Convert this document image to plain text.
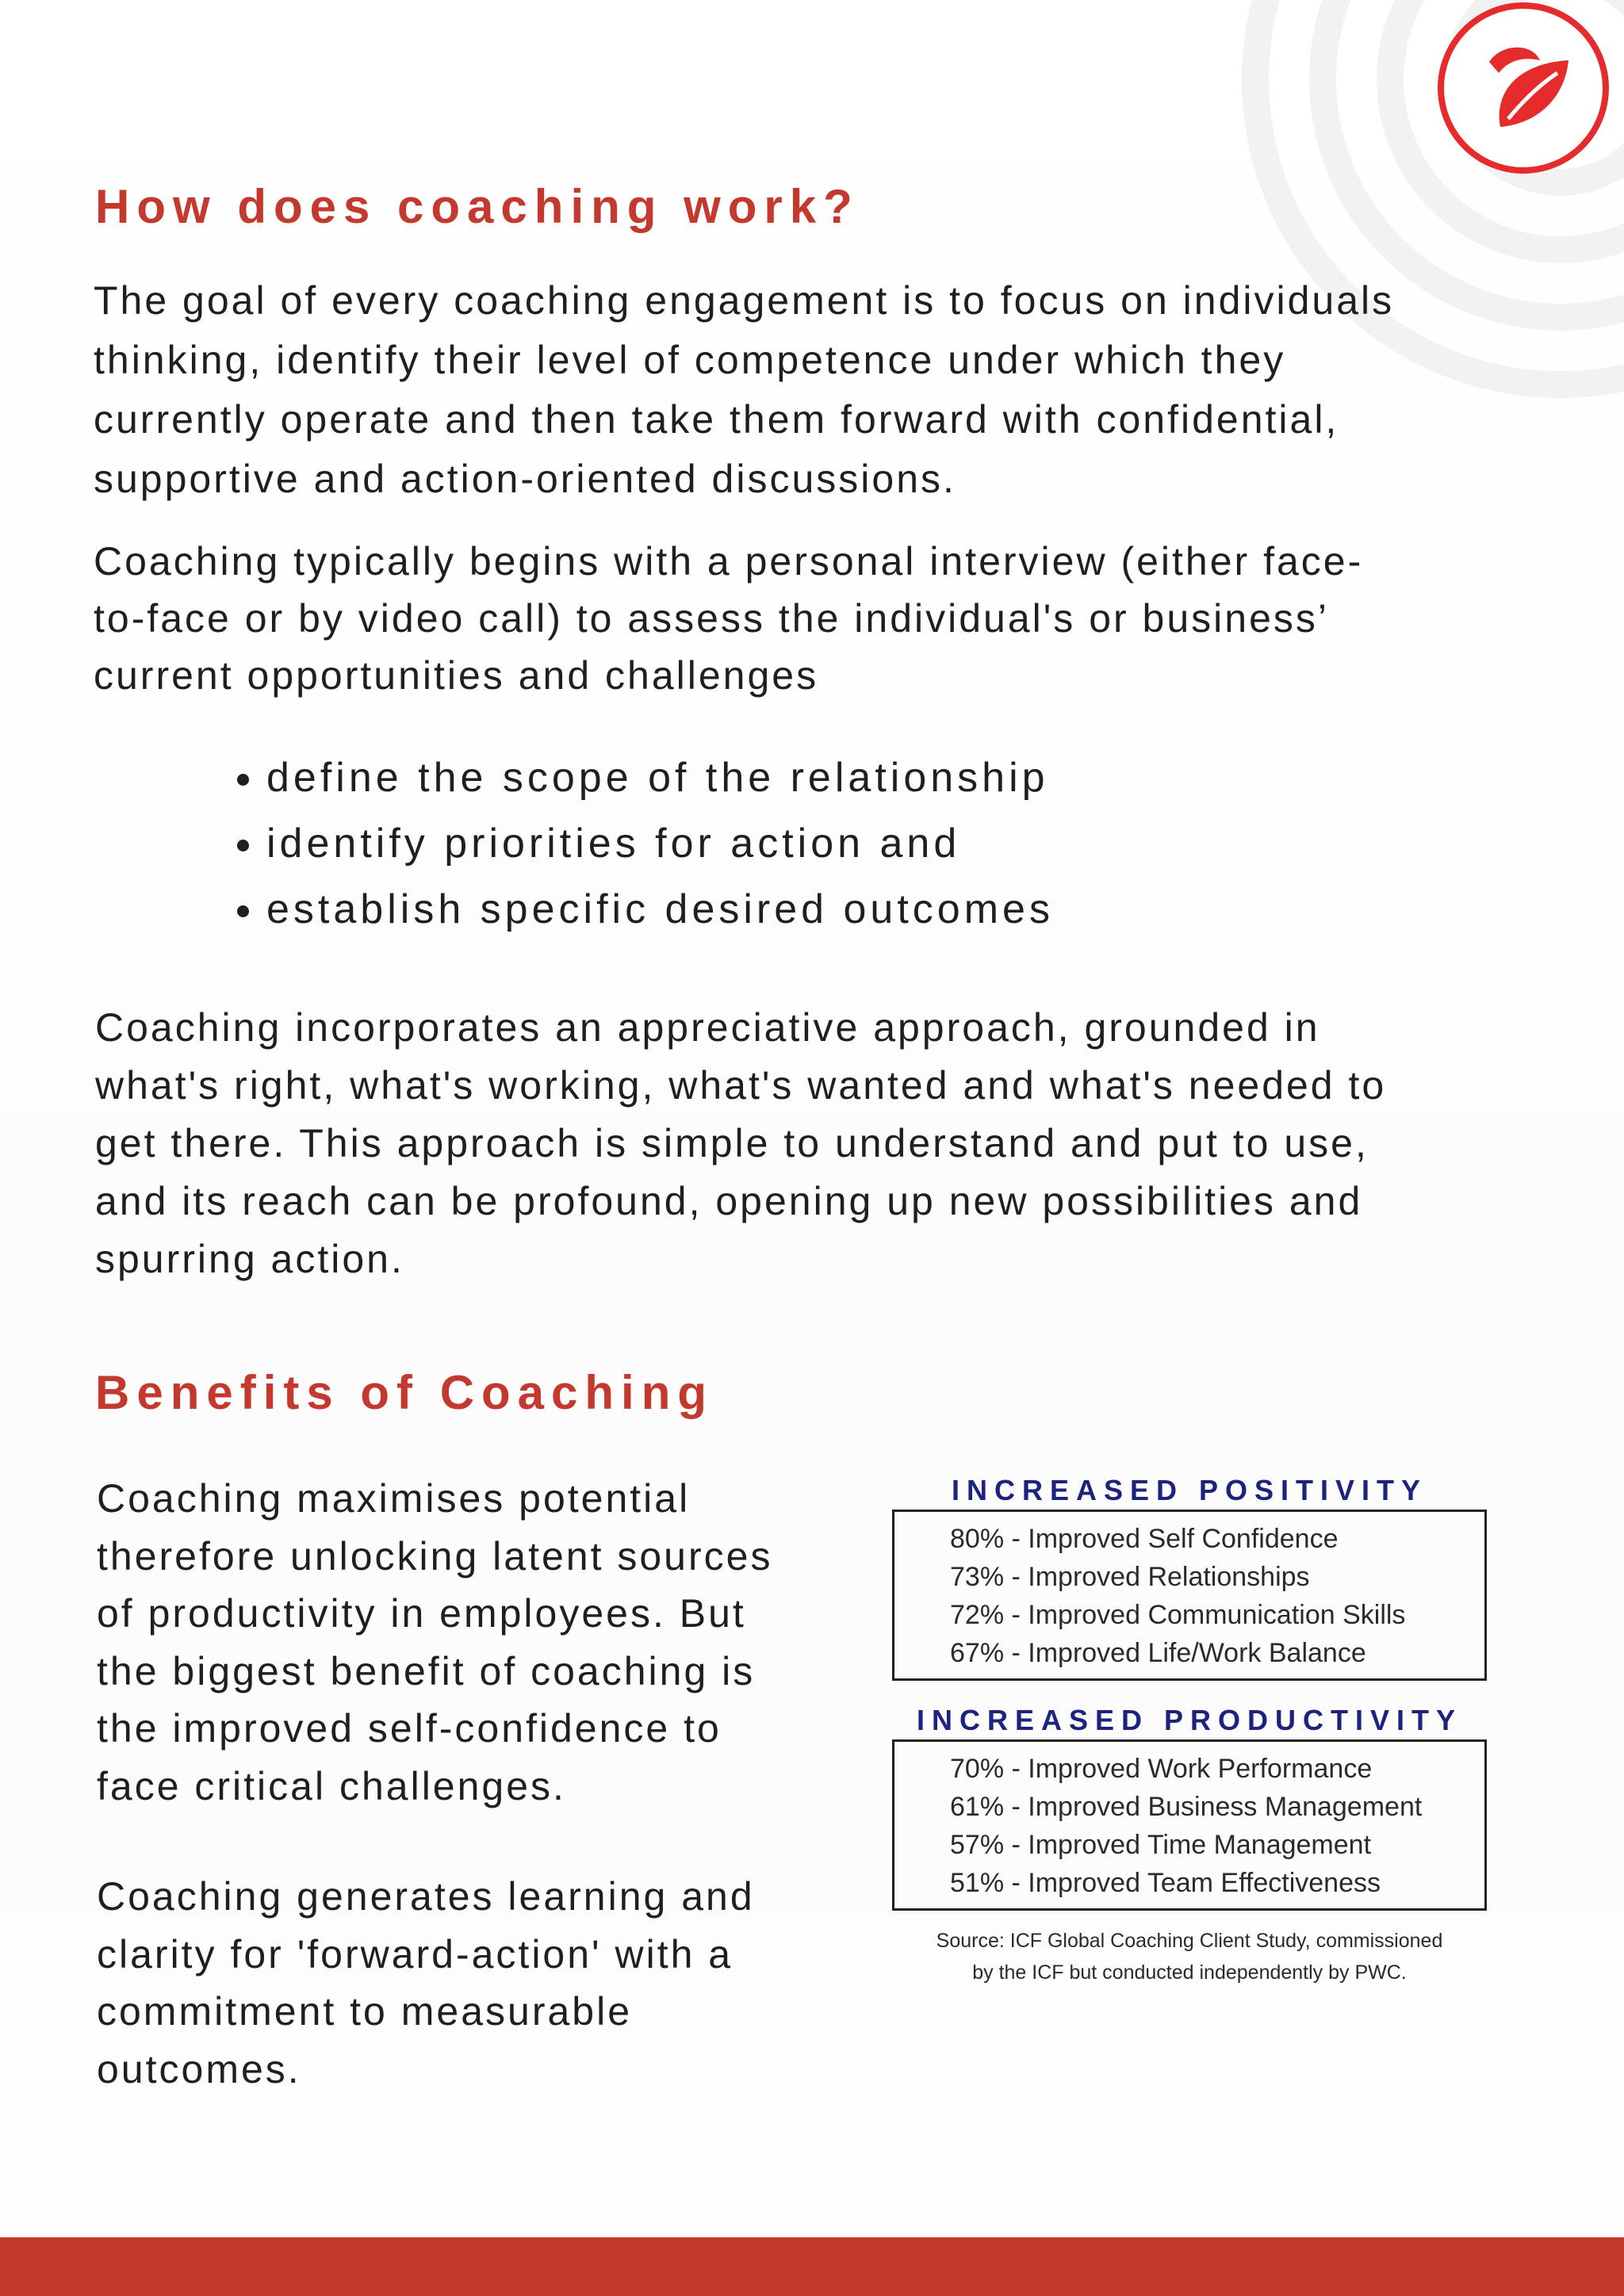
How does coaching work?
The goal of every coaching engagement is to focus on individuals
thinking, identify their level of competence under which they
currently operate and then take them forward with confidential,
supportive and action-oriented discussions.
Coaching typically begins with a personal interview (either face-
to-face or by video call) to assess the individual's or business’
current opportunities and challenges
• define the scope of the relationship
• identify priorities for action and
• establish specific desired outcomes
Coaching incorporates an appreciative approach, grounded in
what's right, what's working, what's wanted and what's needed to
get there. This approach is simple to understand and put to use,
and its reach can be profound, opening up new possibilities and
spurring action.
Benefits of Coaching
Coaching maximises potential
therefore unlocking latent sources
of productivity in employees. But
the biggest benefit of coaching is
the improved self-confidence to
face critical challenges.
Coaching generates learning and
clarity for 'forward-action' with a
commitment to measurable
outcomes.
INCREASED POSITIVITY
80% - Improved Self Confidence
73% - Improved Relationships
72% - Improved Communication Skills
67% - Improved Life/Work Balance
INCREASED PRODUCTIVITY
70% - Improved Work Performance
61% - Improved Business Management
57% - Improved Time Management
51% - Improved Team Effectiveness
Source: ICF Global Coaching Client Study, commissioned
by the ICF but conducted independently by PWC.
